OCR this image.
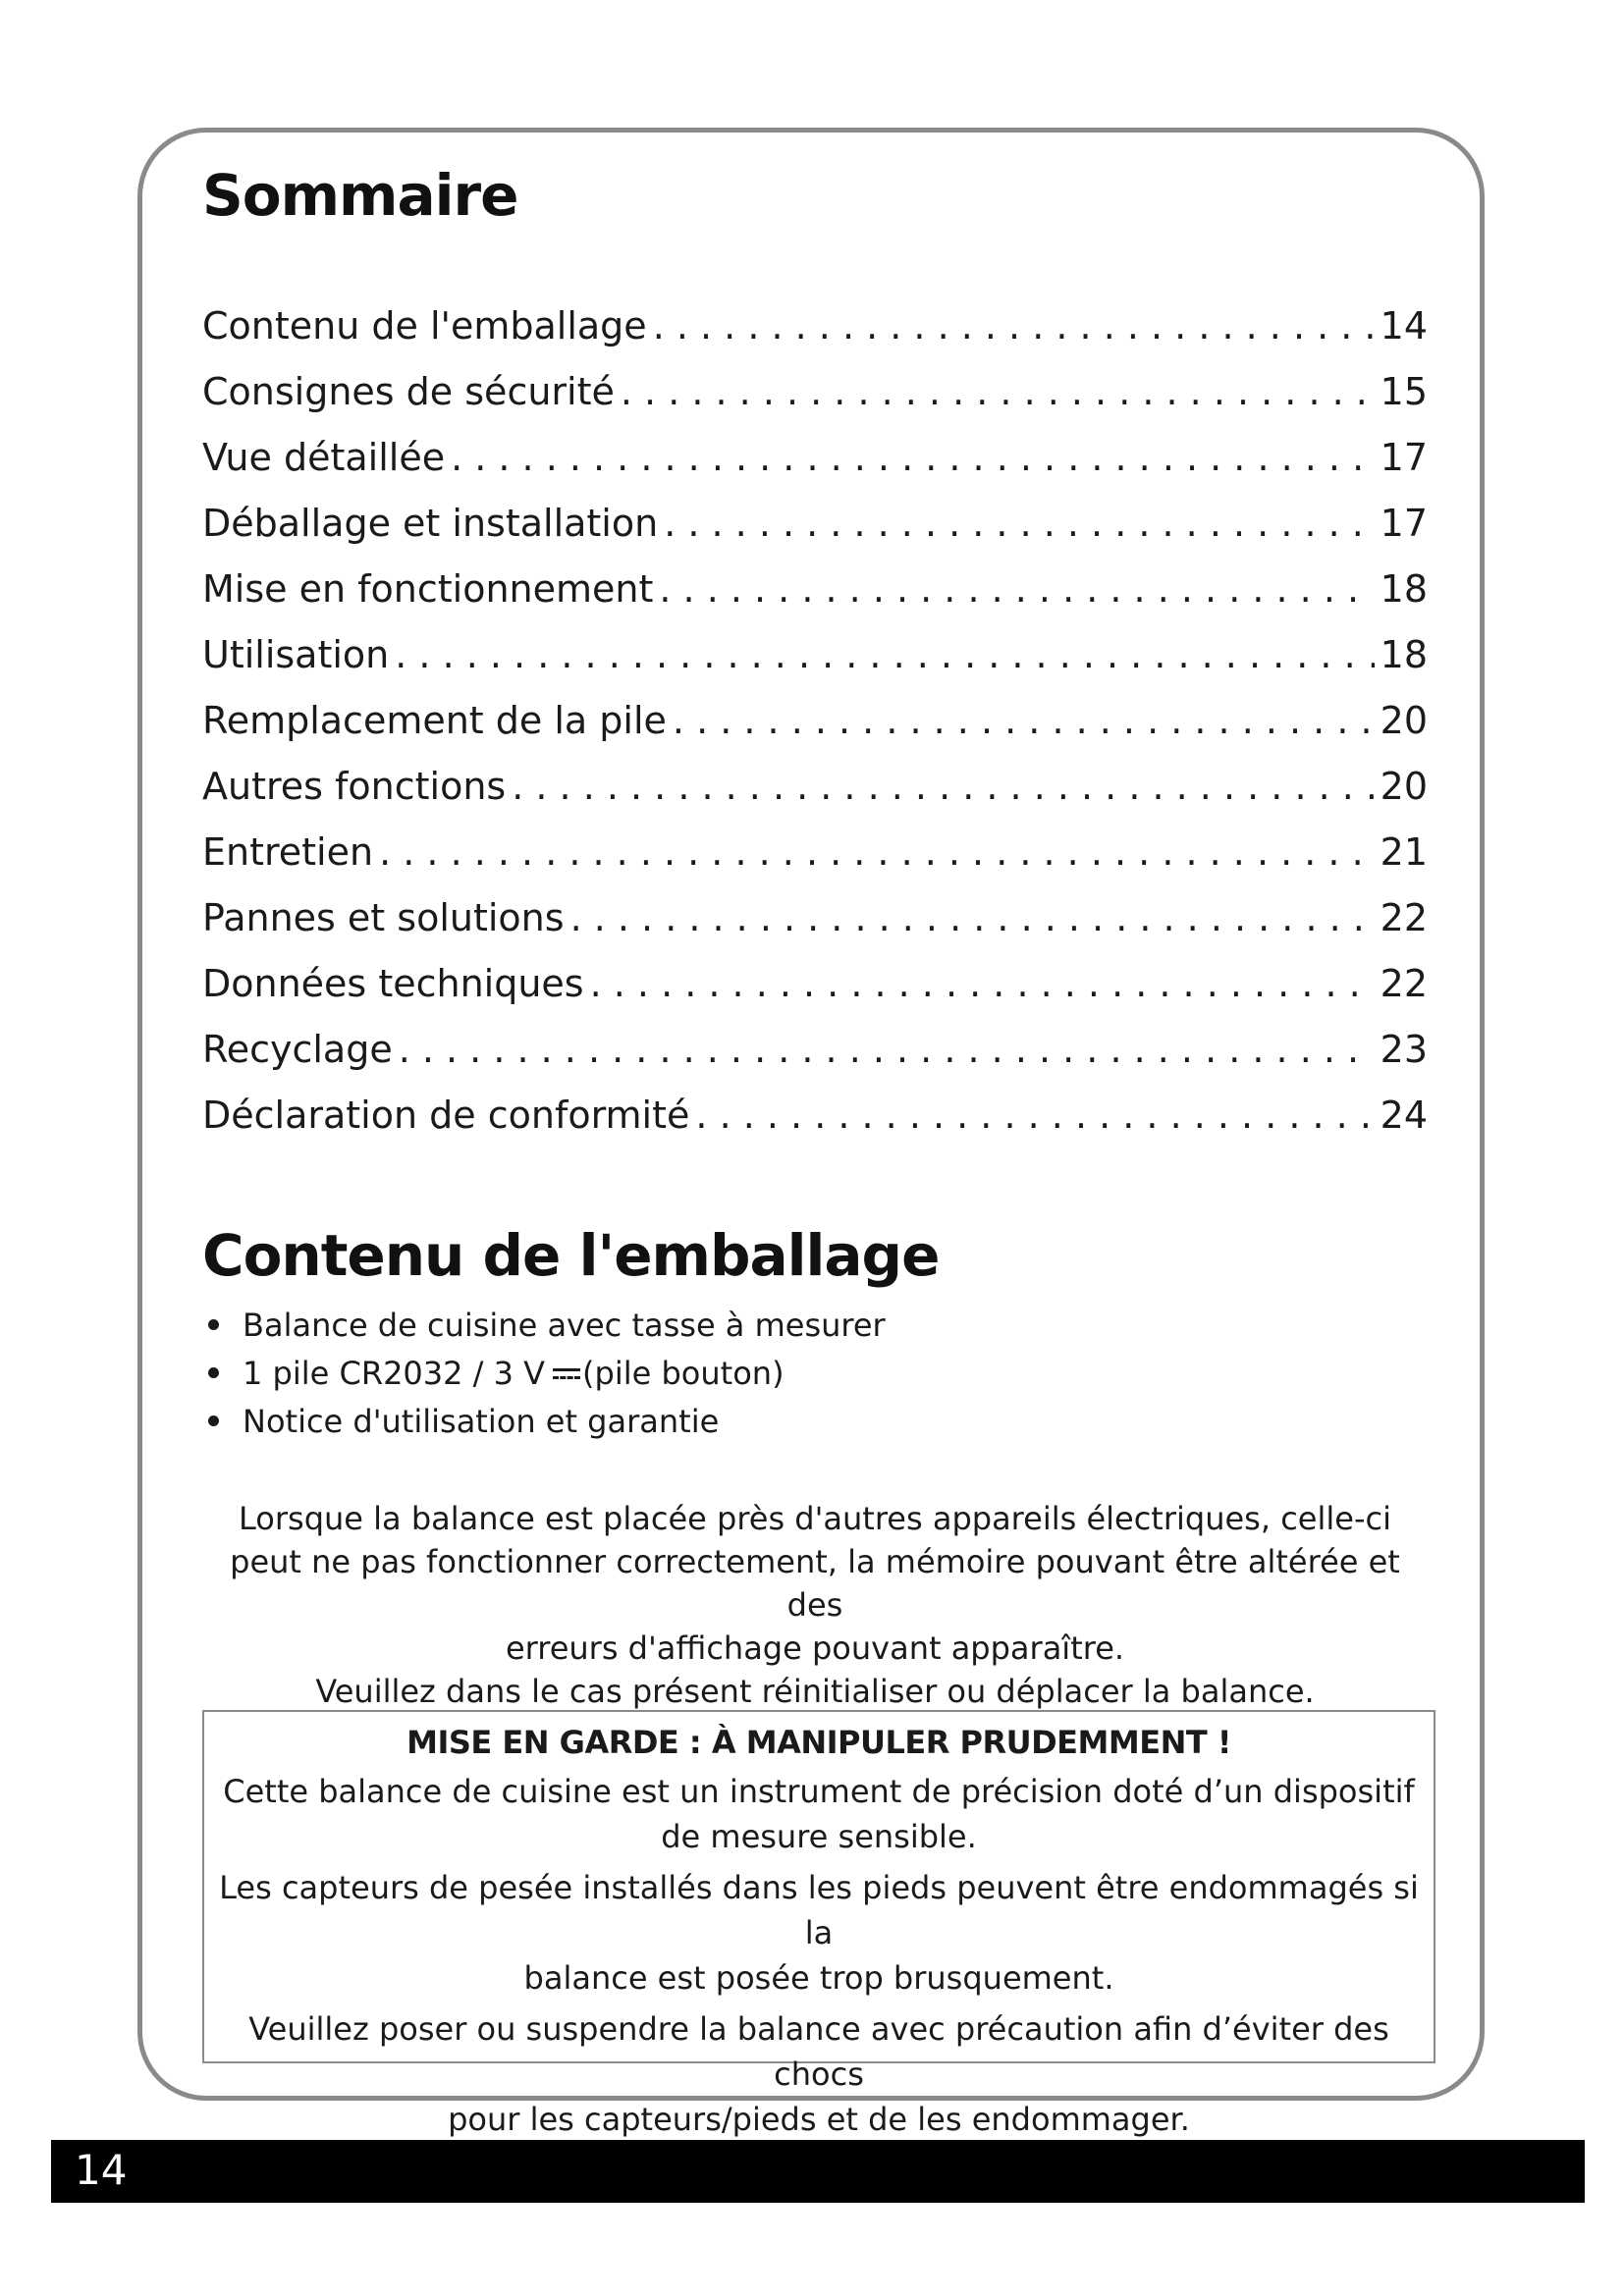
Sommaire
Contenu de l'emballage . . .	14
Consignes de sécurité . . .	15
Vue détaillée . . .	17
Déballage et installation . . .	17
Mise en fonctionnement . . .	18
Utilisation . . .	18
Remplacement de la pile . . .	20
Autres fonctions . . .	20
Entretien . . .	21
Pannes et solutions . . .	22
Données techniques . . .	22
Recyclage . . .	23
Déclaration de conformité . . .	24
Contenu de l'emballage
Balance de cuisine avec tasse à mesurer
1 pile CR2032 / 3 V (pile bouton)
Notice d'utilisation et garantie

Lorsque la balance est placée près d'autres appareils électriques, celle-ci
peut ne pas fonctionner correctement, la mémoire pouvant être altérée et des
erreurs d'affichage pouvant apparaître.
Veuillez dans le cas présent réinitialiser ou déplacer la balance.

MISE EN GARDE : À MANIPULER PRUDEMMENT !

Cette balance de cuisine est un instrument de précision doté d’un dispositif
de mesure sensible.

Les capteurs de pesée installés dans les pieds peuvent être endommagés si la
balance est posée trop brusquement.

Veuillez poser ou suspendre la balance avec précaution afin d’éviter des chocs
pour les capteurs/pieds et de les endommager.

14
